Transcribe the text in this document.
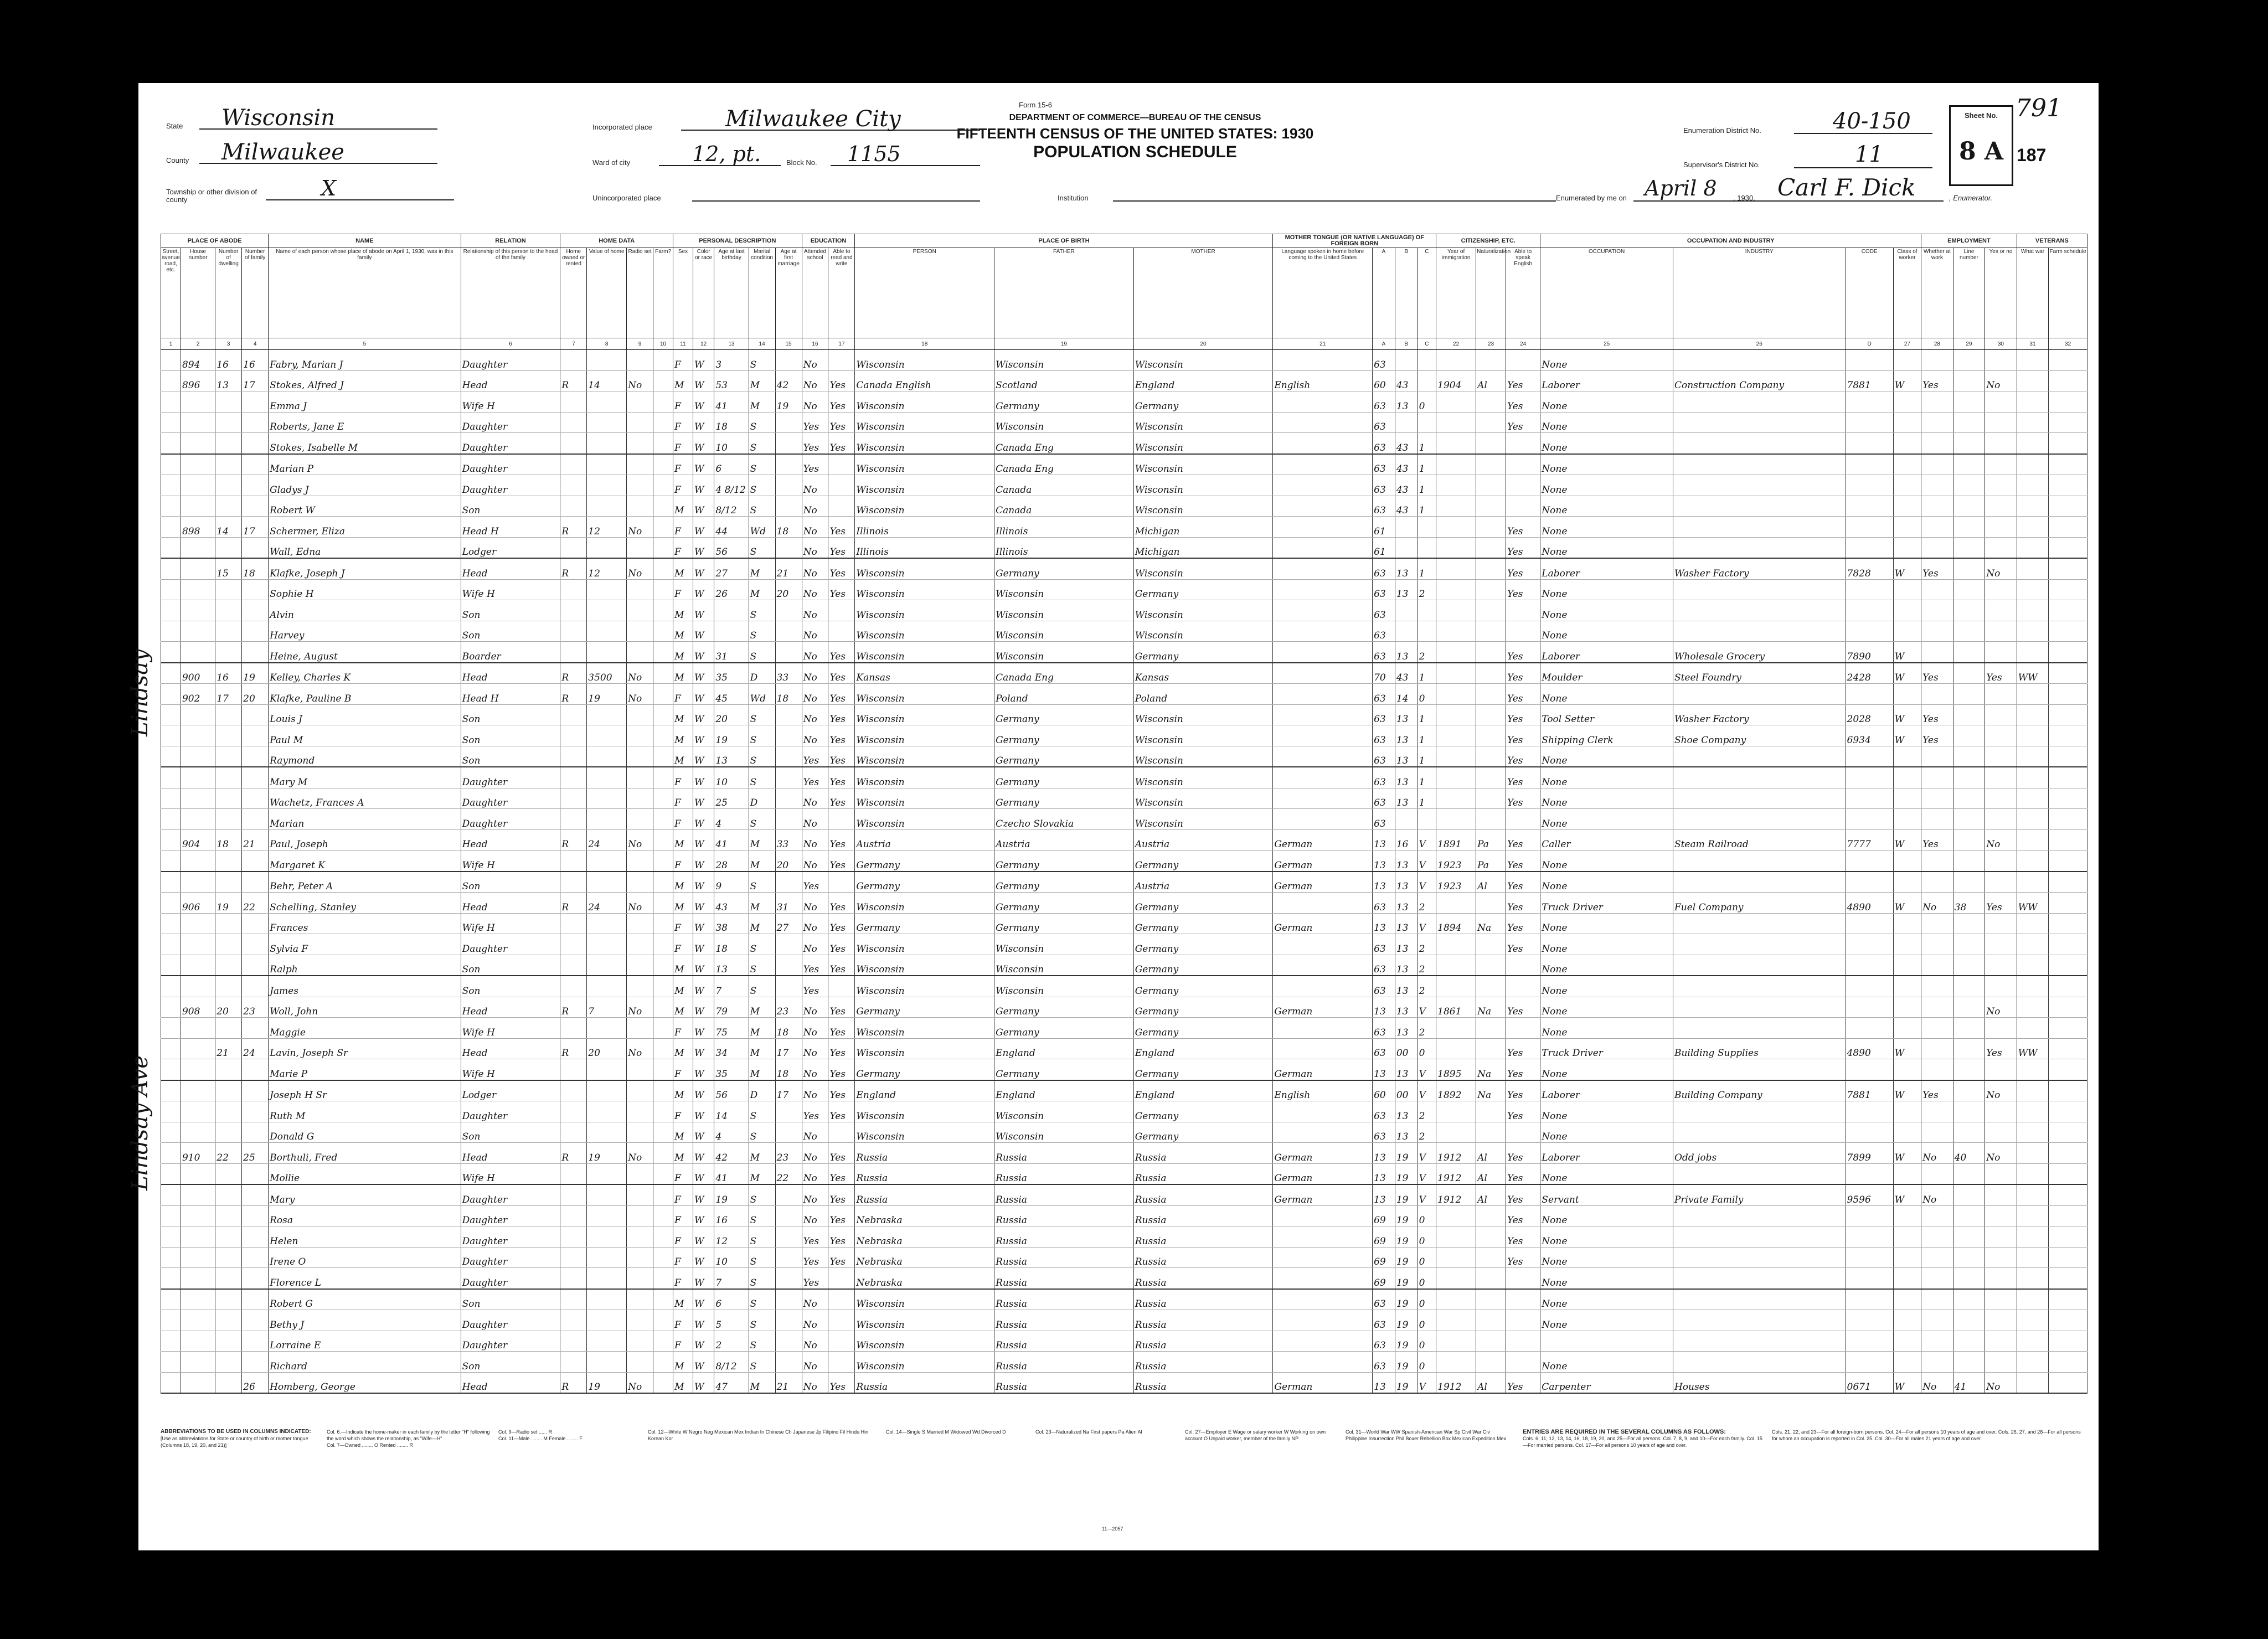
Form 15-6
DEPARTMENT OF COMMERCE—BUREAU OF THE CENSUS
FIFTEENTH CENSUS OF THE UNITED STATES: 1930
POPULATION SCHEDULE
State Wisconsin
County Milwaukee
Township or other division of county	X
Incorporated place	Milwaukee City
Ward of city	12, pt.	Block No. 1155
Unincorporated place	Institution
Enumeration District No.	40-150
Supervisor's District No.	11
Sheet No.
8 A
791
187
Enumerated by me on April 8 , 1930, Carl F. Dick	, Enumerator.
Lindsay
Lindsay Ave
PLACE OF ABODE				NAME	RELATION	HOME DATA				PERSONAL DESCRIPTION					EDUCATION		PLACE OF BIRTH			MOTHER TONGUE (OR NATIVE LANGUAGE) OF FOREIGN BORN				CITIZENSHIP, ETC.			OCCUPATION AND INDUSTRY				EMPLOYMENT			VETERANS	
Street, avenue, road, etc.	House number	Number of dwelling	Number of family	Name of each person whose place of abode on April 1, 1930, was in this family	Relationship of this person to the head of the family	Home owned or rented	Value of home	Radio set	Farm?	Sex	Color or race	Age at last birthday	Marital condition	Age at first marriage	Attended school	Able to read and write	PERSON	FATHER	MOTHER	Language spoken in home before coming to the United States	A	B	C	Year of immigration	Naturalization	Able to speak English	OCCUPATION	INDUSTRY	CODE	Class of worker	Whether at work	Line number	Yes or no	What war	Farm schedule
1	2	3	4	5	6	7	8	9	10	11	12	13	14	15	16	17	18	19	20	21	A	B	C	22	23	24	25	26	D	27	28	29	30	31	32
	894	16	16	Fabry, Marian J	Daughter					F	W	3	S		No		Wisconsin	Wisconsin	Wisconsin		63						None								
	896	13	17	Stokes, Alfred J	Head	R	14	No		M	W	53	M	42	No	Yes	Canada English	Scotland	England	English	60	43		1904	Al	Yes	Laborer	Construction Company	7881	W	Yes		No		
				Emma J	Wife H					F	W	41	M	19	No	Yes	Wisconsin	Germany	Germany		63	13	0			Yes	None								
				Roberts, Jane E	Daughter					F	W	18	S		Yes	Yes	Wisconsin	Wisconsin	Wisconsin		63					Yes	None								
				Stokes, Isabelle M	Daughter					F	W	10	S		Yes	Yes	Wisconsin	Canada Eng	Wisconsin		63	43	1				None								
				Marian P	Daughter					F	W	6	S		Yes		Wisconsin	Canada Eng	Wisconsin		63	43	1				None								
				Gladys J	Daughter					F	W	4 8/12	S		No		Wisconsin	Canada	Wisconsin		63	43	1				None								
				Robert W	Son					M	W	8/12	S		No		Wisconsin	Canada	Wisconsin		63	43	1				None								
	898	14	17	Schermer, Eliza	Head H	R	12	No		F	W	44	Wd	18	No	Yes	Illinois	Illinois	Michigan		61					Yes	None								
				Wall, Edna	Lodger					F	W	56	S		No	Yes	Illinois	Illinois	Michigan		61					Yes	None								
		15	18	Klafke, Joseph J	Head	R	12	No		M	W	27	M	21	No	Yes	Wisconsin	Germany	Wisconsin		63	13	1			Yes	Laborer	Washer Factory	7828	W	Yes		No		
				Sophie H	Wife H					F	W	26	M	20	No	Yes	Wisconsin	Wisconsin	Germany		63	13	2			Yes	None								
				Alvin	Son					M	W		S		No		Wisconsin	Wisconsin	Wisconsin		63						None								
				Harvey	Son					M	W		S		No		Wisconsin	Wisconsin	Wisconsin		63						None								
				Heine, August	Boarder					M	W	31	S		No	Yes	Wisconsin	Wisconsin	Germany		63	13	2			Yes	Laborer	Wholesale Grocery	7890	W					
	900	16	19	Kelley, Charles K	Head	R	3500	No		M	W	35	D	33	No	Yes	Kansas	Canada Eng	Kansas		70	43	1			Yes	Moulder	Steel Foundry	2428	W	Yes		Yes	WW	
	902	17	20	Klafke, Pauline B	Head H	R	19	No		F	W	45	Wd	18	No	Yes	Wisconsin	Poland	Poland		63	14	0			Yes	None								
				Louis J	Son					M	W	20	S		No	Yes	Wisconsin	Germany	Wisconsin		63	13	1			Yes	Tool Setter	Washer Factory	2028	W	Yes				
				Paul M	Son					M	W	19	S		No	Yes	Wisconsin	Germany	Wisconsin		63	13	1			Yes	Shipping Clerk	Shoe Company	6934	W	Yes				
				Raymond	Son					M	W	13	S		Yes	Yes	Wisconsin	Germany	Wisconsin		63	13	1			Yes	None								
				Mary M	Daughter					F	W	10	S		Yes	Yes	Wisconsin	Germany	Wisconsin		63	13	1			Yes	None								
				Wachetz, Frances A	Daughter					F	W	25	D		No	Yes	Wisconsin	Germany	Wisconsin		63	13	1			Yes	None								
				Marian	Daughter					F	W	4	S		No		Wisconsin	Czecho Slovakia	Wisconsin		63						None								
	904	18	21	Paul, Joseph	Head	R	24	No		M	W	41	M	33	No	Yes	Austria	Austria	Austria	German	13	16	V	1891	Pa	Yes	Caller	Steam Railroad	7777	W	Yes		No		
				Margaret K	Wife H					F	W	28	M	20	No	Yes	Germany	Germany	Germany	German	13	13	V	1923	Pa	Yes	None								
				Behr, Peter A	Son					M	W	9	S		Yes		Germany	Germany	Austria	German	13	13	V	1923	Al	Yes	None								
	906	19	22	Schelling, Stanley	Head	R	24	No		M	W	43	M	31	No	Yes	Wisconsin	Germany	Germany		63	13	2			Yes	Truck Driver	Fuel Company	4890	W	No	38	Yes	WW	
				Frances	Wife H					F	W	38	M	27	No	Yes	Germany	Germany	Germany	German	13	13	V	1894	Na	Yes	None								
				Sylvia F	Daughter					F	W	18	S		No	Yes	Wisconsin	Wisconsin	Germany		63	13	2			Yes	None								
				Ralph	Son					M	W	13	S		Yes	Yes	Wisconsin	Wisconsin	Germany		63	13	2				None								
				James	Son					M	W	7	S		Yes		Wisconsin	Wisconsin	Germany		63	13	2				None								
	908	20	23	Woll, John	Head	R	7	No		M	W	79	M	23	No	Yes	Germany	Germany	Germany	German	13	13	V	1861	Na	Yes	None						No		
				Maggie	Wife H					F	W	75	M	18	No	Yes	Wisconsin	Germany	Germany		63	13	2				None								
		21	24	Lavin, Joseph Sr	Head	R	20	No		M	W	34	M	17	No	Yes	Wisconsin	England	England		63	00	0			Yes	Truck Driver	Building Supplies	4890	W			Yes	WW	
				Marie P	Wife H					F	W	35	M	18	No	Yes	Germany	Germany	Germany	German	13	13	V	1895	Na	Yes	None								
				Joseph H Sr	Lodger					M	W	56	D	17	No	Yes	England	England	England	English	60	00	V	1892	Na	Yes	Laborer	Building Company	7881	W	Yes		No		
				Ruth M	Daughter					F	W	14	S		Yes	Yes	Wisconsin	Wisconsin	Germany		63	13	2			Yes	None								
				Donald G	Son					M	W	4	S		No		Wisconsin	Wisconsin	Germany		63	13	2				None								
	910	22	25	Borthuli, Fred	Head	R	19	No		M	W	42	M	23	No	Yes	Russia	Russia	Russia	German	13	19	V	1912	Al	Yes	Laborer	Odd jobs	7899	W	No	40	No		
				Mollie	Wife H					F	W	41	M	22	No	Yes	Russia	Russia	Russia	German	13	19	V	1912	Al	Yes	None								
				Mary	Daughter					F	W	19	S		No	Yes	Russia	Russia	Russia	German	13	19	V	1912	Al	Yes	Servant	Private Family	9596	W	No				
				Rosa	Daughter					F	W	16	S		No	Yes	Nebraska	Russia	Russia		69	19	0			Yes	None								
				Helen	Daughter					F	W	12	S		Yes	Yes	Nebraska	Russia	Russia		69	19	0			Yes	None								
				Irene O	Daughter					F	W	10	S		Yes	Yes	Nebraska	Russia	Russia		69	19	0			Yes	None								
				Florence L	Daughter					F	W	7	S		Yes		Nebraska	Russia	Russia		69	19	0				None								
				Robert G	Son					M	W	6	S		No		Wisconsin	Russia	Russia		63	19	0				None								
				Bethy J	Daughter					F	W	5	S		No		Wisconsin	Russia	Russia		63	19	0				None								
				Lorraine E	Daughter					F	W	2	S		No		Wisconsin	Russia	Russia		63	19	0												
				Richard	Son					M	W	8/12	S		No		Wisconsin	Russia	Russia		63	19	0				None								
			26	Homberg, George	Head	R	19	No		M	W	47	M	21	No	Yes	Russia	Russia	Russia	German	13	19	V	1912	Al	Yes	Carpenter	Houses	0671	W	No	41	No		
ABBREVIATIONS TO BE USED IN COLUMNS INDICATED:
[Use as abbreviations for State or country of birth or mother tongue (Columns 18, 19, 20, and 21)]
Col. 6.—Indicate the home-maker in each family by the letter "H" following the word which shows the relationship, as "Wife—H"
Col. 7—Owned ........ O Rented ........ R
Col. 9—Radio set ...... R
Col. 11—Male ........ M Female ........ F
Col. 12—White W Negro Neg Mexican Mex Indian In Chinese Ch Japanese Jp Filipino Fil Hindu Hin Korean Kor
Col. 14—Single S Married M Widowed Wd Divorced D	Col. 23—Naturalized Na First papers Pa Alien Al	Col. 27—Employer E Wage or salary worker W Working on own account O Unpaid worker, member of the family NP
Col. 31—World War WW Spanish-American War Sp Civil War Civ Philippine Insurrection Phil Boxer Rebellion Box Mexican Expedition Mex
ENTRIES ARE REQUIRED IN THE SEVERAL COLUMNS AS FOLLOWS:
Cols. 6, 11, 12, 13, 14, 16, 18, 19, 20, and 25—For all persons. Col. 7, 8, 9, and 10—For each family. Col. 15—For married persons. Col. 17—For all persons 10 years of age and over.
Cols. 21, 22, and 23—For all foreign-born persons. Col. 24—For all persons 10 years of age and over. Cols. 26, 27, and 28—For all persons for whom an occupation is reported in Col. 25. Col. 30—For all males 21 years of age and over.
11—2057
